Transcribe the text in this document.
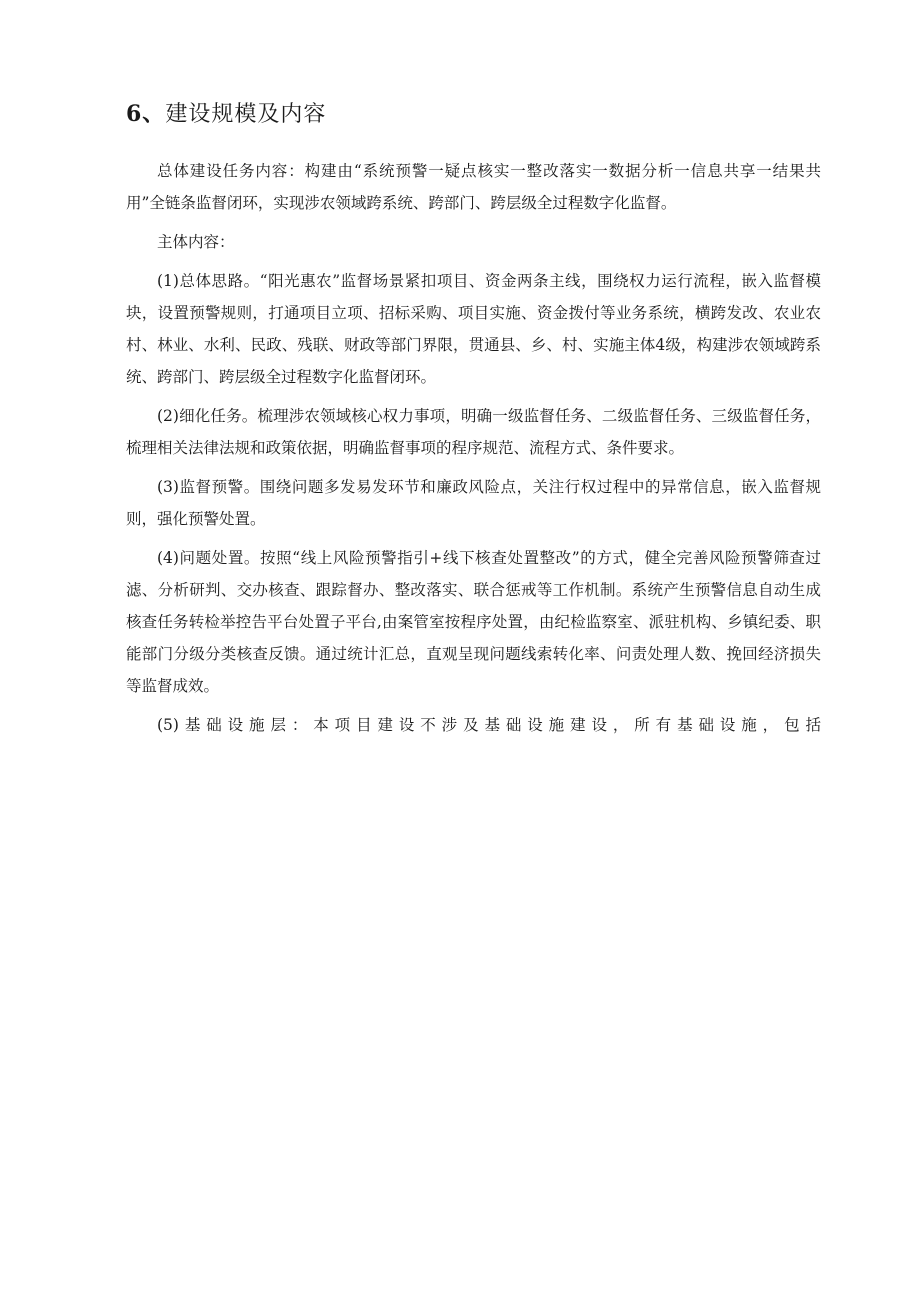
6、建设规模及内容

总体建设任务内容：构建由“系统预警一疑点核实一整改落实一数据分析一信息共享一结果共用”全链条监督闭环，实现涉农领域跨系统、跨部门、跨层级全过程数字化监督。

主体内容：

(1)总体思路。“阳光惠农”监督场景紧扣项目、资金两条主线，围绕权力运行流程，嵌入监督模块，设置预警规则，打通项目立项、招标采购、项目实施、资金拨付等业务系统，横跨发改、农业农村、林业、水利、民政、残联、财政等部门界限，贯通县、乡、村、实施主体4级，构建涉农领域跨系统、跨部门、跨层级全过程数字化监督闭环。

(2)细化任务。梳理涉农领域核心权力事项，明确一级监督任务、二级监督任务、三级监督任务，梳理相关法律法规和政策依据，明确监督事项的程序规范、流程方式、条件要求。

(3)监督预警。围绕问题多发易发环节和廉政风险点，关注行权过程中的异常信息，嵌入监督规则，强化预警处置。

(4)问题处置。按照“线上风险预警指引+线下核查处置整改”的方式，健全完善风险预警筛查过滤、分析研判、交办核查、跟踪督办、整改落实、联合惩戒等工作机制。系统产生预警信息自动生成核查任务转检举控告平台处置子平台,由案管室按程序处置，由纪检监察室、派驻机构、乡镇纪委、职能部门分级分类核查反馈。通过统计汇总，直观呈现问题线索转化率、问责处理人数、挽回经济损失等监督成效。

(5)基础设施层：本项目建设不涉及基础设施建设，所有基础设施，包括
